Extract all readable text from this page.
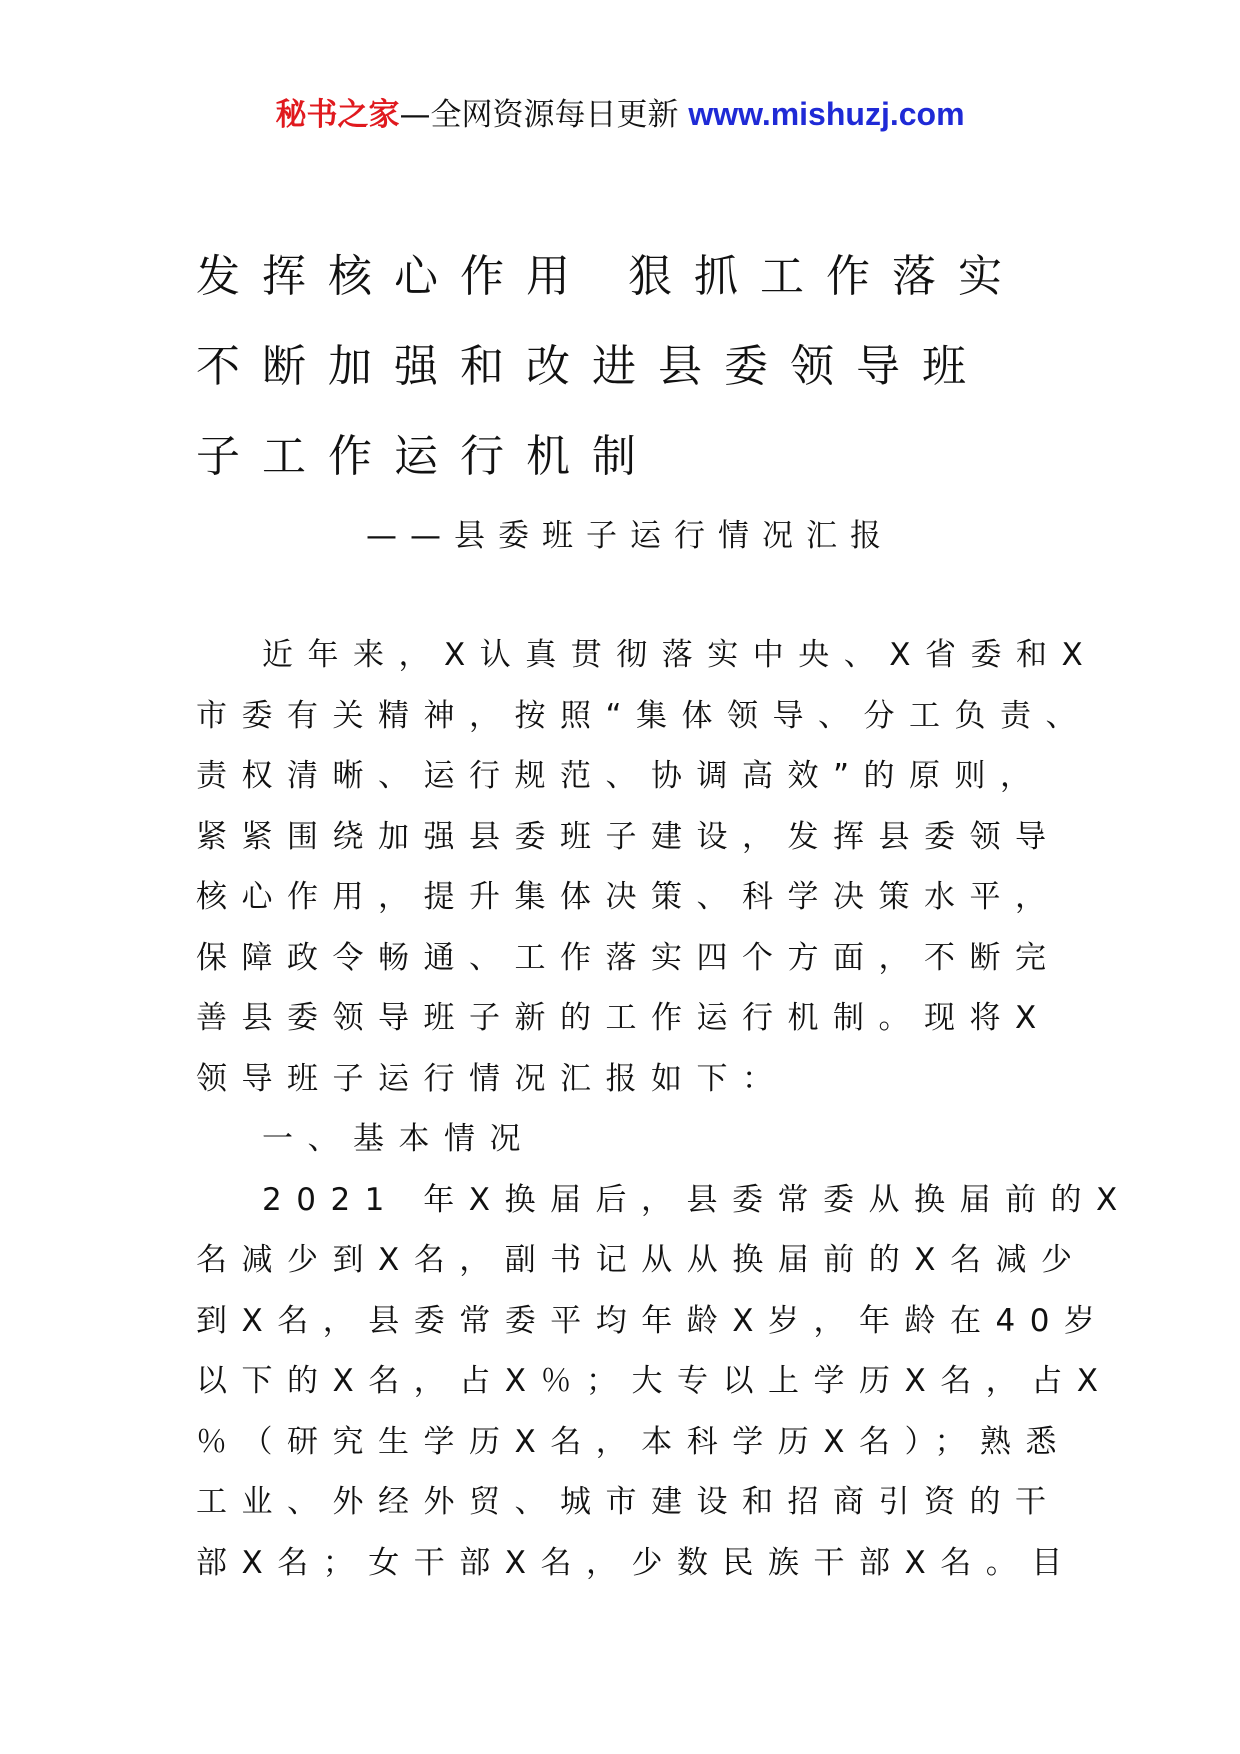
秘书之家—全网资源每日更新 www.mishuzj.com
发挥核心作用 狠抓工作落实
不断加强和改进县委领导班
子工作运行机制
——县委班子运行情况汇报
近年来，X认真贯彻落实中央、X省委和X
市委有关精神，按照“集体领导、分工负责、
责权清晰、运行规范、协调高效”的原则，
紧紧围绕加强县委班子建设，发挥县委领导
核心作用，提升集体决策、科学决策水平，
保障政令畅通、工作落实四个方面，不断完
善县委领导班子新的工作运行机制。现将X
领导班子运行情况汇报如下：
一、基本情况
2021 年X换届后，县委常委从换届前的X
名减少到X名，副书记从从换届前的X名减少
到X名，县委常委平均年龄X岁，年龄在40岁
以下的X名，占X％；大专以上学历X名，占X
％（研究生学历X名，本科学历X名）；熟悉
工业、外经外贸、城市建设和招商引资的干
部X名；女干部X名，少数民族干部X名。目
